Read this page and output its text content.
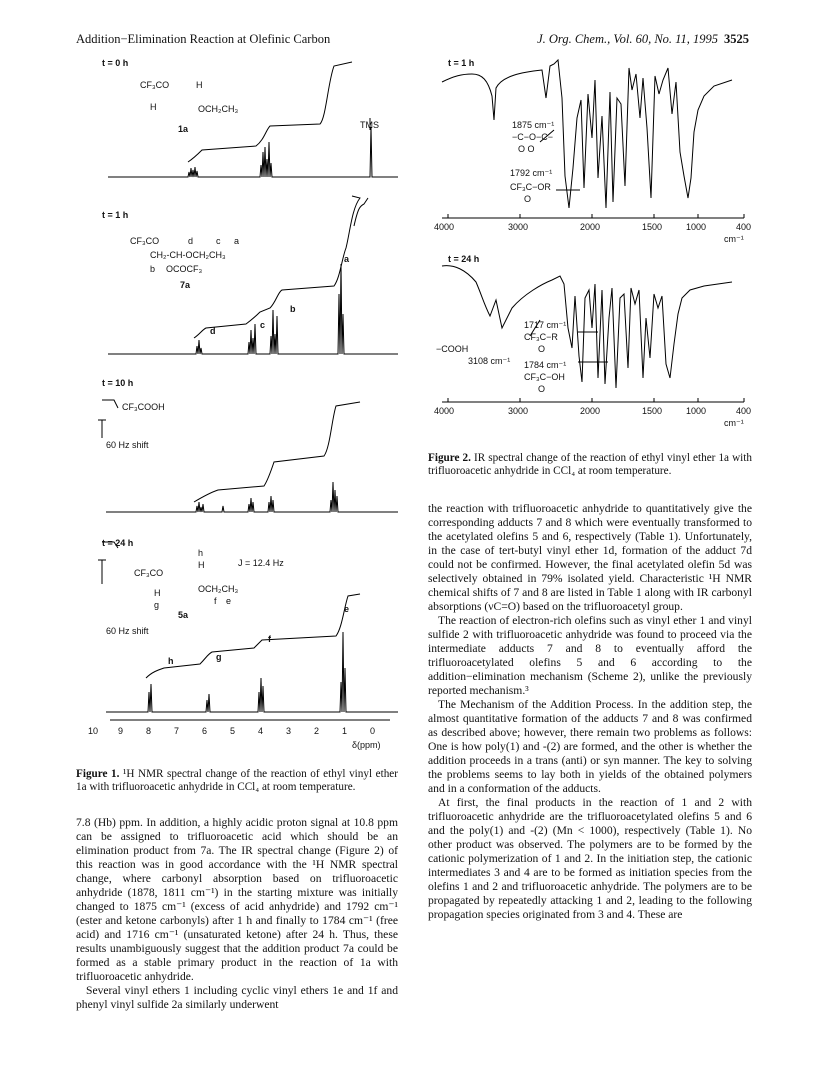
Addition−Elimination Reaction at Olefinic Carbon	J. Org. Chem., Vol. 60, No. 11, 1995 3525
t = 0 h
CF₃CO	H
H	OCH₂CH₃
1a	TMS
t = 1 h
CF₃CO	d	c a
CH₂-CH-OCH₂CH₃
b OCOCF₃
7a
a
b
c
d
t = 10 h
CF₃COOH
60 Hz shift
t = 24 h
h
H	J = 12.4 Hz
CF₃CO
OCH₂CH₃
H
g	f e
5a
60 Hz shift
e
f
g
h
10 9	8	7	6	5	4	3	2	1	0
δ(ppm)
Figure 1. ¹H NMR spectral change of the reaction of ethyl vinyl ether 1a with trifluoroacetic anhydride in CCl₄ at room temperature.

7.8 (Hb) ppm. In addition, a highly acidic proton signal at 10.8 ppm can be assigned to trifluoroacetic acid which should be an elimination product from 7a. The IR spectral change (Figure 2) of this reaction was in good accordance with the ¹H NMR spectral change, where carbonyl absorption based on trifluoroacetic anhydride (1878, 1811 cm⁻¹) in the starting mixture was initially changed to 1875 cm⁻¹ (excess of acid anhydride) and 1792 cm⁻¹ (ester and ketone carbonyls) after 1 h and finally to 1784 cm⁻¹ (free acid) and 1716 cm⁻¹ (unsaturated ketone) after 24 h. Thus, these results unambiguously suggest that the addition product 7a could be formed as a stable primary product in the reaction of 1a with trifluoroacetic anhydride.

Several vinyl ethers 1 including cyclic vinyl ethers 1e and 1f and phenyl vinyl sulfide 2a similarly underwent

t = 1 h
1875 cm⁻¹
−C−O−C−
O O
1792 cm⁻¹
CF₃C−OR
O
4000	3000	2000	1500	1000	400
cm⁻¹
t = 24 h
−COOH
3108 cm⁻¹
1717 cm⁻¹
CF₃C−R
O
1784 cm⁻¹
CF₃C−OH
O
4000	3000	2000	1500	1000	400
cm⁻¹
Figure 2. IR spectral change of the reaction of ethyl vinyl ether 1a with trifluoroacetic anhydride in CCl₄ at room temperature.

the reaction with trifluoroacetic anhydride to quantitatively give the corresponding adducts 7 and 8 which were eventually transformed to the acetylated olefins 5 and 6, respectively (Table 1). Unfortunately, in the case of tert-butyl vinyl ether 1d, formation of the adduct 7d could not be confirmed. However, the final acetylated olefin 5d was selectively obtained in 79% isolated yield. Characteristic ¹H NMR chemical shifts of 7 and 8 are listed in Table 1 along with IR carbonyl absorptions (νC=O) based on the trifluoroacetyl group.

The reaction of electron-rich olefins such as vinyl ether 1 and vinyl sulfide 2 with trifluoroacetic anhydride was found to proceed via the intermediate adducts 7 and 8 to eventually afford the trifluoroacetylated olefins 5 and 6 according to the addition−elimination mechanism (Scheme 2), unlike the previously reported mechanism.³

The Mechanism of the Addition Process. In the addition step, the almost quantitative formation of the adducts 7 and 8 was confirmed as described above; however, there remain two problems as follows: One is how poly(1) and -(2) are formed, and the other is whether the addition proceeds in a trans (anti) or syn manner. The key to solving the problems seems to lay both in yields of the obtained polymers and in a conformation of the adducts.

At first, the final products in the reaction of 1 and 2 with trifluoroacetic anhydride are the trifluoroacetylated olefins 5 and 6 and the poly(1) and -(2) (Mn < 1000), respectively (Table 1). No other product was observed. The polymers are to be formed by the cationic polymerization of 1 and 2. In the initiation step, the cationic intermediates 3 and 4 are to be formed as initiation species from the olefins 1 and 2 and trifluoroacetic anhydride. The polymers are to be propagated by repeatedly attacking 1 and 2, leading to the following propagation species originated from 3 and 4. These are
